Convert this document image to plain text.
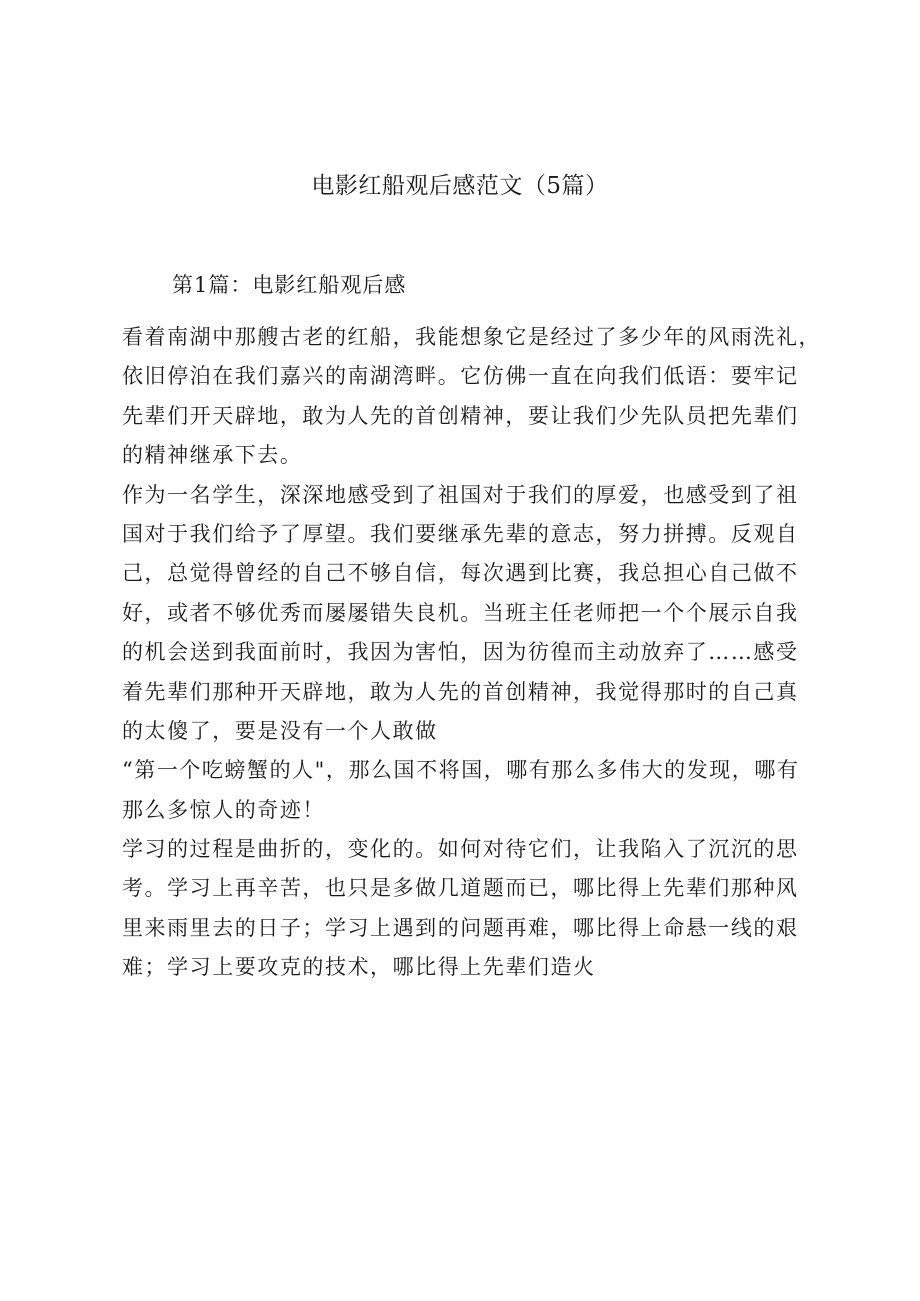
电影红船观后感范文（5篇）
第1篇：电影红船观后感
看着南湖中那艘古老的红船，我能想象它是经过了多少年的风雨洗礼，
依旧停泊在我们嘉兴的南湖湾畔。它仿佛一直在向我们低语：要牢记
先辈们开天辟地，敢为人先的首创精神，要让我们少先队员把先辈们
的精神继承下去。
作为一名学生，深深地感受到了祖国对于我们的厚爱，也感受到了祖
国对于我们给予了厚望。我们要继承先辈的意志，努力拼搏。反观自
己，总觉得曾经的自己不够自信，每次遇到比赛，我总担心自己做不
好，或者不够优秀而屡屡错失良机。当班主任老师把一个个展示自我
的机会送到我面前时，我因为害怕，因为彷徨而主动放弃了……感受
着先辈们那种开天辟地，敢为人先的首创精神，我觉得那时的自己真
的太傻了，要是没有一个人敢做
“第一个吃螃蟹的人"，那么国不将国，哪有那么多伟大的发现，哪有
那么多惊人的奇迹！
学习的过程是曲折的，变化的。如何对待它们，让我陷入了沉沉的思
考。学习上再辛苦，也只是多做几道题而已，哪比得上先辈们那种风
里来雨里去的日子；学习上遇到的问题再难，哪比得上命悬一线的艰
难；学习上要攻克的技术，哪比得上先辈们造火
